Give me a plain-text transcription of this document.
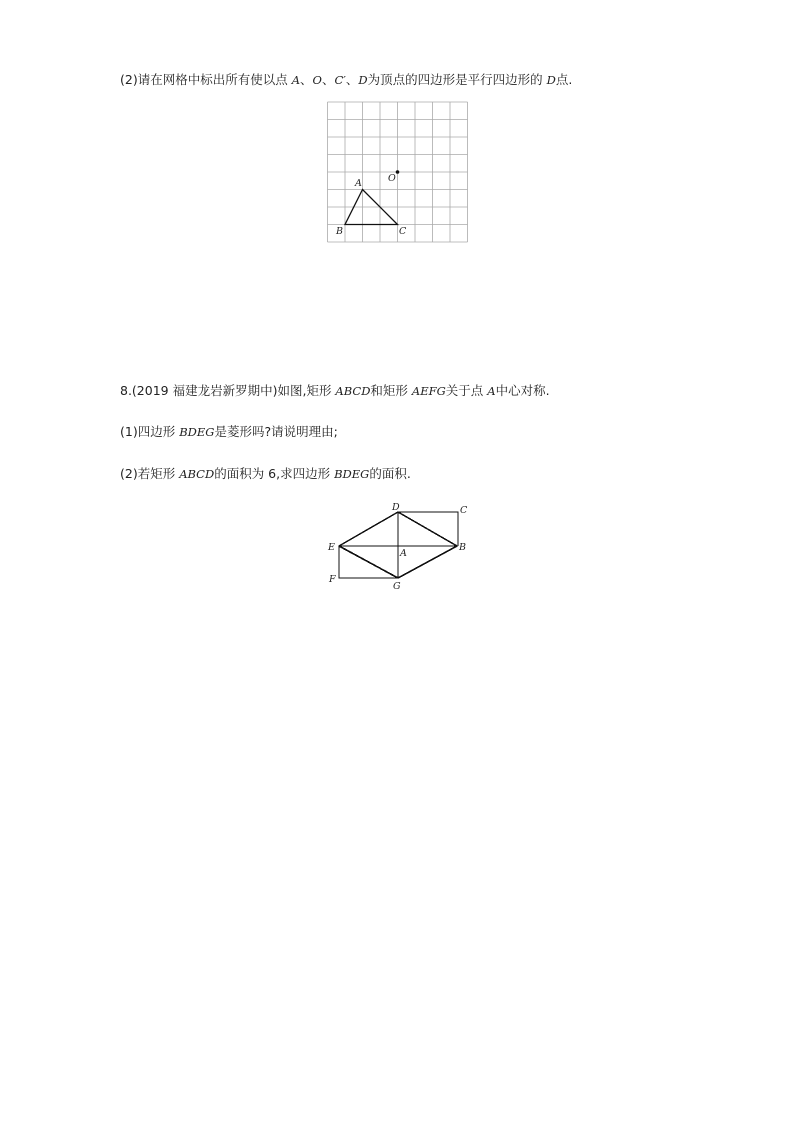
(2)请在网格中标出所有使以点 A、O、C′、D为顶点的四边形是平行四边形的 D点.
A
B	C
O
8.(2019 福建龙岩新罗期中)如图,矩形 ABCD和矩形 AEFG关于点 A中心对称.
(1)四边形 BDEG是菱形吗?请说明理由;
(2)若矩形 ABCD的面积为 6,求四边形 BDEG的面积.
D	C
E
A
B
F
G
